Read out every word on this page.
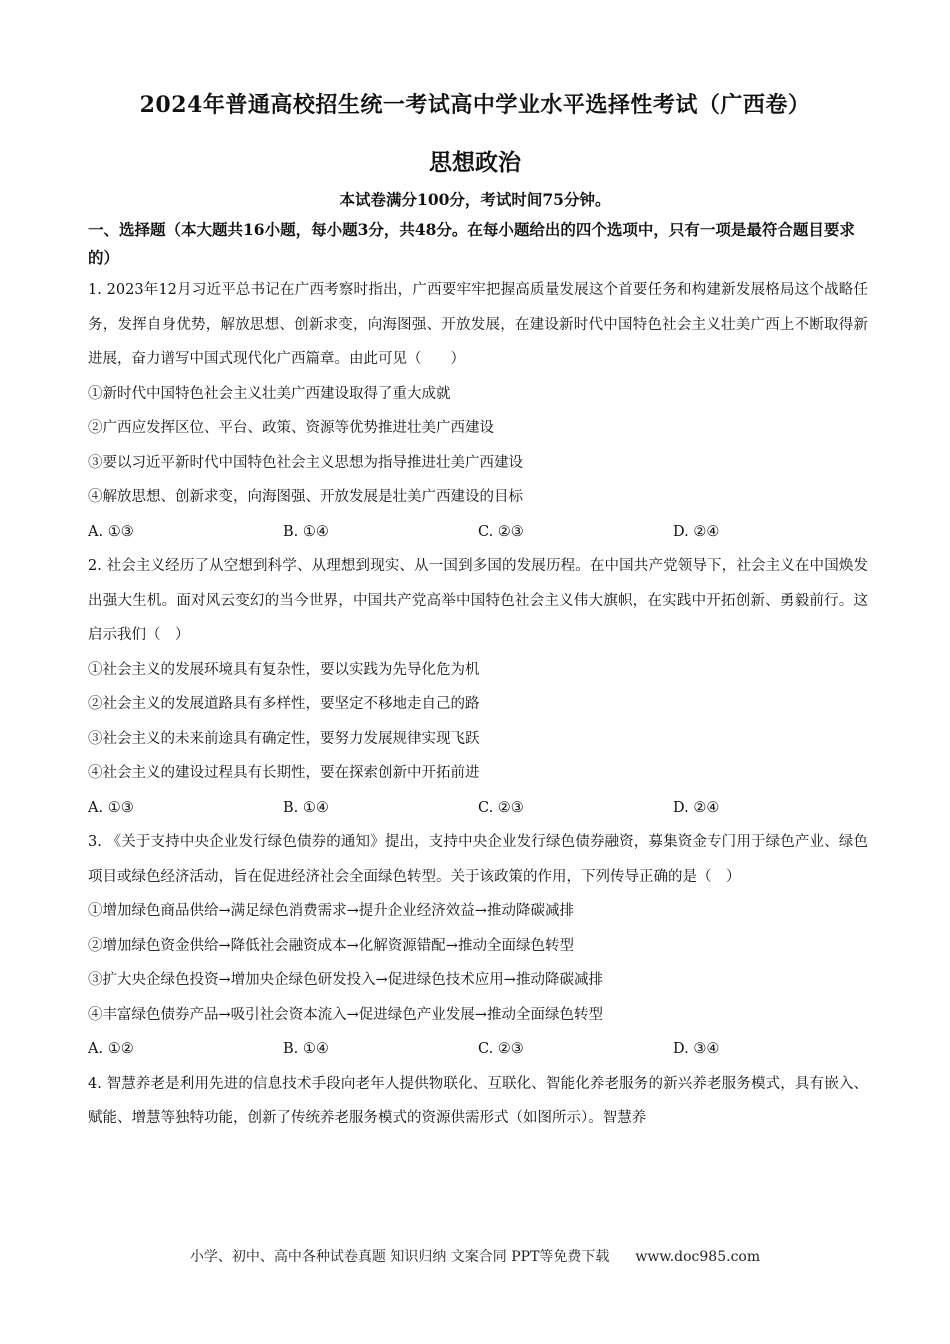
2024年普通高校招生统一考试高中学业水平选择性考试（广西卷）
思想政治
本试卷满分100分，考试时间75分钟。
一、选择题（本大题共16小题，每小题3分，共48分。在每小题给出的四个选项中，只有一项是最符合题目要求的）
1. 2023年12月习近平总书记在广西考察时指出，广西要牢牢把握高质量发展这个首要任务和构建新发展格局这个战略任务，发挥自身优势，解放思想、创新求变，向海图强、开放发展，在建设新时代中国特色社会主义壮美广西上不断取得新进展，奋力谱写中国式现代化广西篇章。由此可见（　　）
①新时代中国特色社会主义壮美广西建设取得了重大成就
②广西应发挥区位、平台、政策、资源等优势推进壮美广西建设
③要以习近平新时代中国特色社会主义思想为指导推进壮美广西建设
④解放思想、创新求变，向海图强、开放发展是壮美广西建设的目标
A. ①③	B. ①④	C. ②③	D. ②④
2. 社会主义经历了从空想到科学、从理想到现实、从一国到多国的发展历程。在中国共产党领导下，社会主义在中国焕发出强大生机。面对风云变幻的当今世界，中国共产党高举中国特色社会主义伟大旗帜，在实践中开拓创新、勇毅前行。这启示我们（　）
①社会主义的发展环境具有复杂性，要以实践为先导化危为机
②社会主义的发展道路具有多样性，要坚定不移地走自己的路
③社会主义的未来前途具有确定性，要努力发展规律实现飞跃
④社会主义的建设过程具有长期性，要在探索创新中开拓前进
A. ①③	B. ①④	C. ②③	D. ②④
3. 《关于支持中央企业发行绿色债券的通知》提出，支持中央企业发行绿色债券融资，募集资金专门用于绿色产业、绿色项目或绿色经济活动，旨在促进经济社会全面绿色转型。关于该政策的作用，下列传导正确的是（　）
①增加绿色商品供给→满足绿色消费需求→提升企业经济效益→推动降碳减排
②增加绿色资金供给→降低社会融资成本→化解资源错配→推动全面绿色转型
③扩大央企绿色投资→增加央企绿色研发投入→促进绿色技术应用→推动降碳减排
④丰富绿色债券产品→吸引社会资本流入→促进绿色产业发展→推动全面绿色转型
A. ①②	B. ①④	C. ②③	D. ③④
4. 智慧养老是利用先进的信息技术手段向老年人提供物联化、互联化、智能化养老服务的新兴养老服务模式，具有嵌入、赋能、增慧等独特功能，创新了传统养老服务模式的资源供需形式（如图所示）。智慧养
小学、初中、高中各种试卷真题 知识归纳 文案合同 PPT等免费下载 www.doc985.com
